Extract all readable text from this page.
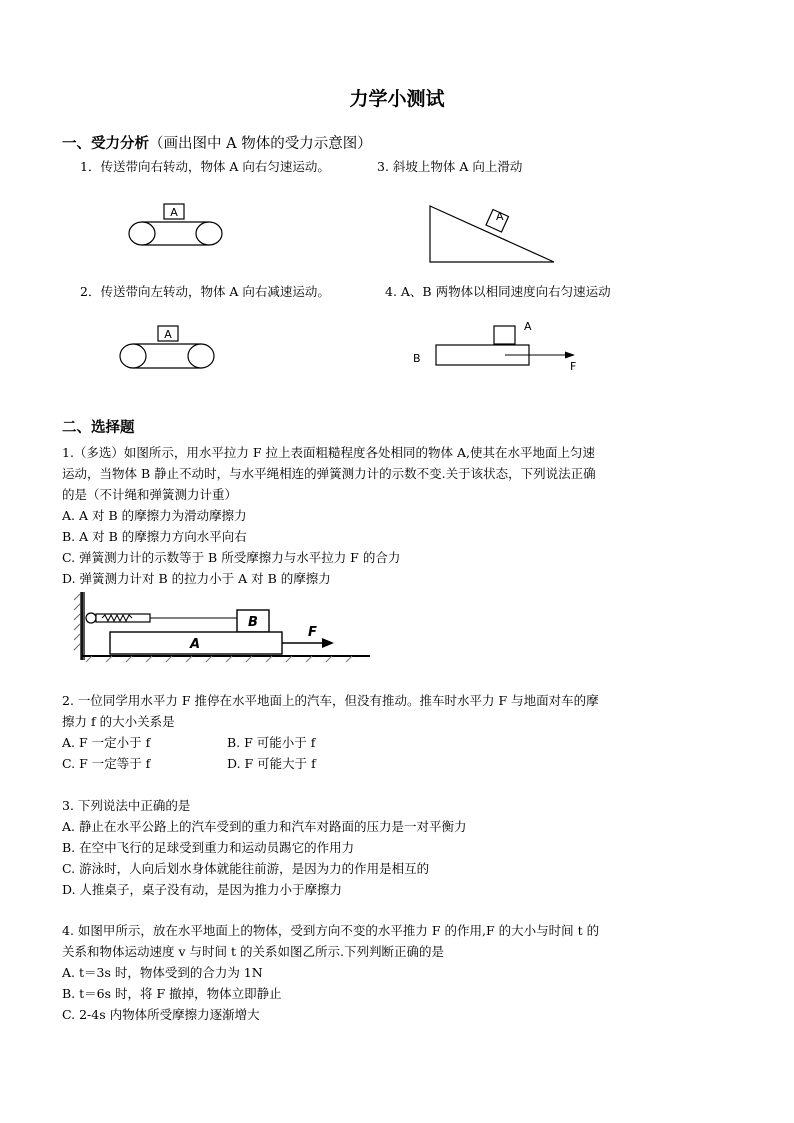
力学小测试
一、受力分析（画出图中 A 物体的受力示意图）
1．传送带向右转动，物体 A 向右匀速运动。	3. 斜坡上物体 A 向上滑动
A	A
2．传送带向左转动，物体 A 向右减速运动。	4. A、B 两物体以相同速度向右匀速运动
A
A
B
F
二、选择题
1.（多选）如图所示，用水平拉力 F 拉上表面粗糙程度各处相同的物体 A,使其在水平地面上匀速
运动，当物体 B 静止不动时，与水平绳相连的弹簧测力计的示数不变.关于该状态，下列说法正确
的是（不计绳和弹簧测力计重）
A. A 对 B 的摩擦力为滑动摩擦力
B. A 对 B 的摩擦力方向水平向右
C. 弹簧测力计的示数等于 B 所受摩擦力与水平拉力 F 的合力
D. 弹簧测力计对 B 的拉力小于 A 对 B 的摩擦力
B
A
F
2. 一位同学用水平力 F 推停在水平地面上的汽车，但没有推动。推车时水平力 F 与地面对车的摩
擦力 f 的大小关系是
A. F 一定小于 f	B. F 可能小于 f
C. F 一定等于 f	D. F 可能大于 f
3. 下列说法中正确的是
A. 静止在水平公路上的汽车受到的重力和汽车对路面的压力是一对平衡力
B. 在空中飞行的足球受到重力和运动员踢它的作用力
C. 游泳时，人向后划水身体就能往前游，是因为力的作用是相互的
D. 人推桌子，桌子没有动，是因为推力小于摩擦力
4. 如图甲所示，放在水平地面上的物体，受到方向不变的水平推力 F 的作用,F 的大小与时间 t 的
关系和物体运动速度 v 与时间 t 的关系如图乙所示.下列判断正确的是
A. t＝3s 时，物体受到的合力为 1N
B. t＝6s 时，将 F 撤掉，物体立即静止
C. 2-4s 内物体所受摩擦力逐渐增大
